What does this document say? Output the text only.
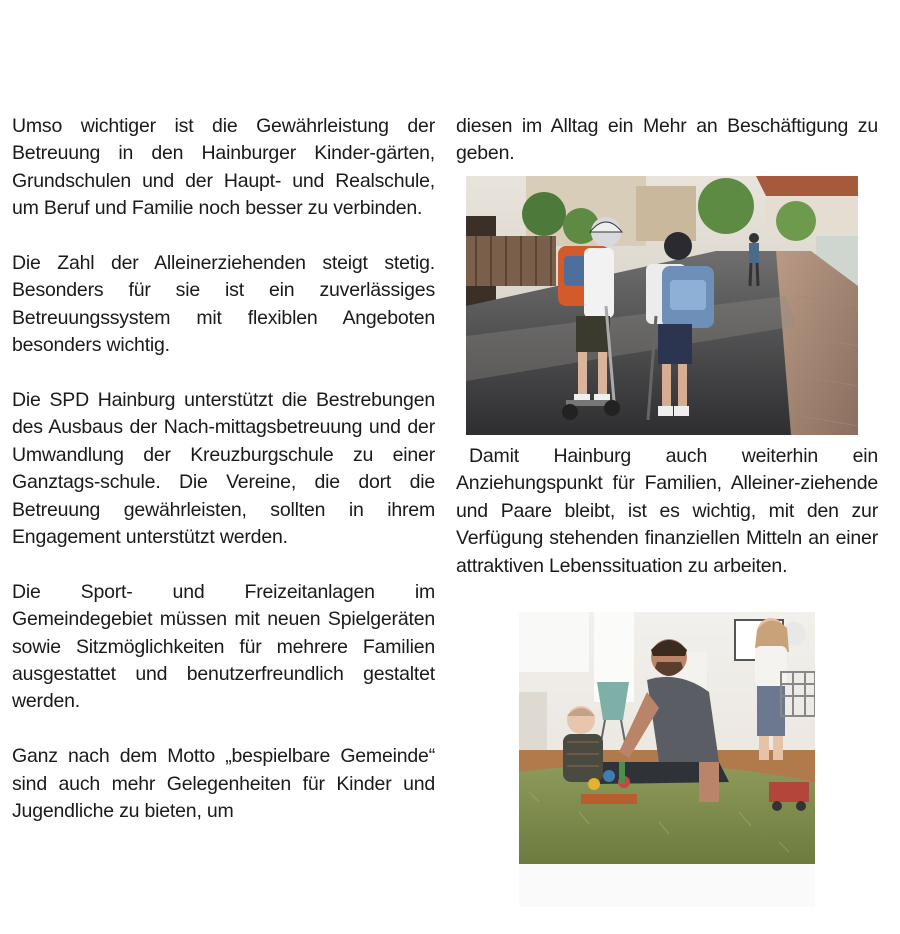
Umso wichtiger ist die Gewährleistung der Betreuung in den Hainburger Kinder-gärten, Grundschulen und der Haupt- und Realschule, um Beruf und Familie noch besser zu verbinden.

Die Zahl der Alleinerziehenden steigt stetig. Besonders für sie ist ein zuverlässiges Betreuungssystem mit flexiblen Angeboten besonders wichtig.

Die SPD Hainburg unterstützt die Bestrebungen des Ausbaus der Nach-mittagsbetreuung und der Umwandlung der Kreuzburgschule zu einer Ganztags-schule. Die Vereine, die dort die Betreuung gewährleisten, sollten in ihrem Engagement unterstützt werden.

Die Sport- und Freizeitanlagen im Gemeindegebiet müssen mit neuen Spielgeräten sowie Sitzmöglichkeiten für mehrere Familien ausgestattet und benutzerfreundlich gestaltet werden.

Ganz nach dem Motto „bespielbare Gemeinde“ sind auch mehr Gelegenheiten für Kinder und Jugendliche zu bieten, um

diesen im Alltag ein Mehr an Beschäftigung zu geben.

Damit Hainburg auch weiterhin ein Anziehungspunkt für Familien, Alleiner-ziehende und Paare bleibt, ist es wichtig, mit den zur Verfügung stehenden finanziellen Mitteln an einer attraktiven Lebenssituation zu arbeiten.
